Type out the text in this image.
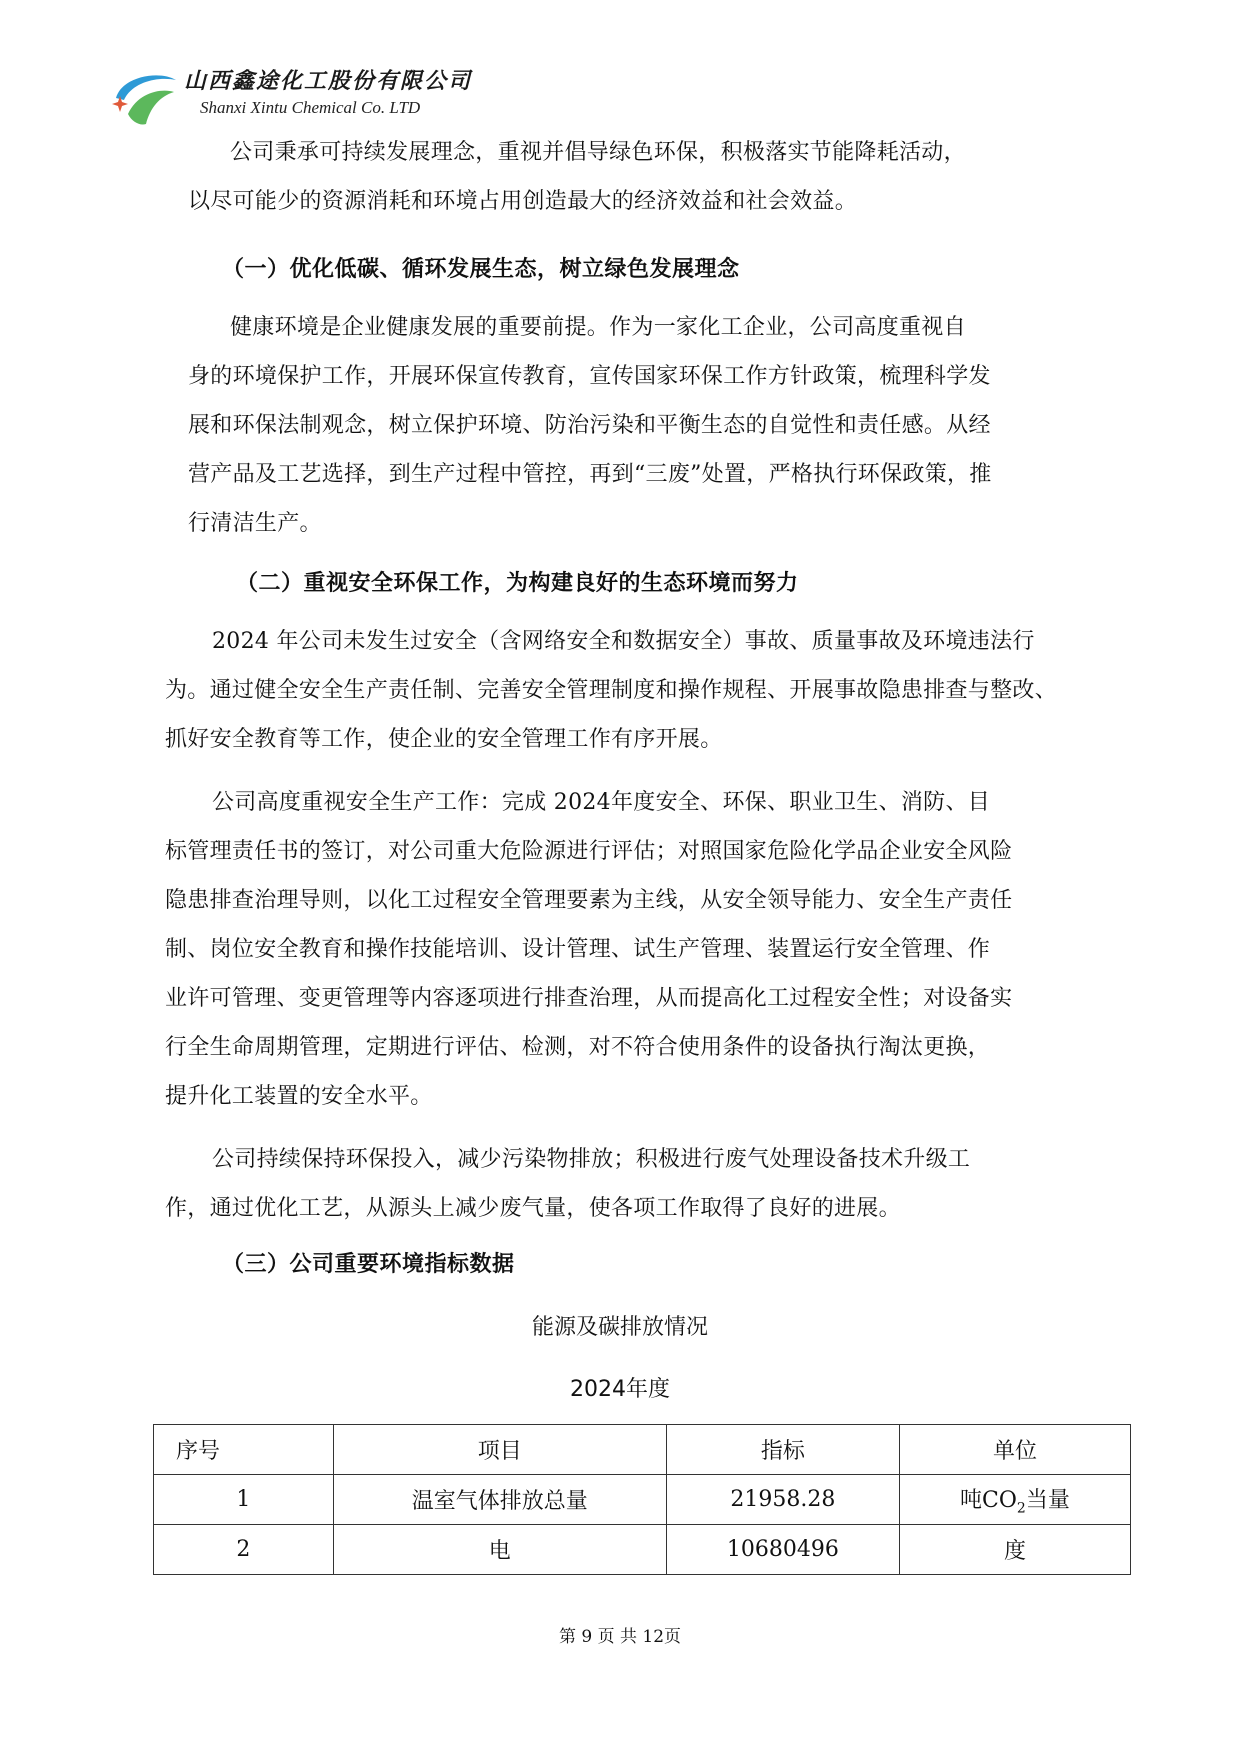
山西鑫途化工股份有限公司
Shanxi Xintu Chemical Co. LTD
公司秉承可持续发展理念，重视并倡导绿色环保，积极落实节能降耗活动，
以尽可能少的资源消耗和环境占用创造最大的经济效益和社会效益。
（一）优化低碳、循环发展生态，树立绿色发展理念
健康环境是企业健康发展的重要前提。作为一家化工企业，公司高度重视自
身的环境保护工作，开展环保宣传教育，宣传国家环保工作方针政策，梳理科学发
展和环保法制观念，树立保护环境、防治污染和平衡生态的自觉性和责任感。从经
营产品及工艺选择，到生产过程中管控，再到“三废”处置，严格执行环保政策，推
行清洁生产。
（二）重视安全环保工作，为构建良好的生态环境而努力
2024 年公司未发生过安全（含网络安全和数据安全）事故、质量事故及环境违法行
为。通过健全安全生产责任制、完善安全管理制度和操作规程、开展事故隐患排查与整改、
抓好安全教育等工作，使企业的安全管理工作有序开展。
公司高度重视安全生产工作：完成 2024年度安全、环保、职业卫生、消防、目
标管理责任书的签订，对公司重大危险源进行评估；对照国家危险化学品企业安全风险
隐患排查治理导则，以化工过程安全管理要素为主线，从安全领导能力、安全生产责任
制、岗位安全教育和操作技能培训、设计管理、试生产管理、装置运行安全管理、作
业许可管理、变更管理等内容逐项进行排查治理，从而提高化工过程安全性；对设备实
行全生命周期管理，定期进行评估、检测，对不符合使用条件的设备执行淘汰更换，
提升化工装置的安全水平。
公司持续保持环保投入，减少污染物排放；积极进行废气处理设备技术升级工
作，通过优化工艺，从源头上减少废气量，使各项工作取得了良好的进展。
（三）公司重要环境指标数据
能源及碳排放情况
2024年度
序号	项目	指标	单位
1	温室气体排放总量	21958.28	吨$CO_2$当量
2	电	10680496	度
第 9 页 共 12页
